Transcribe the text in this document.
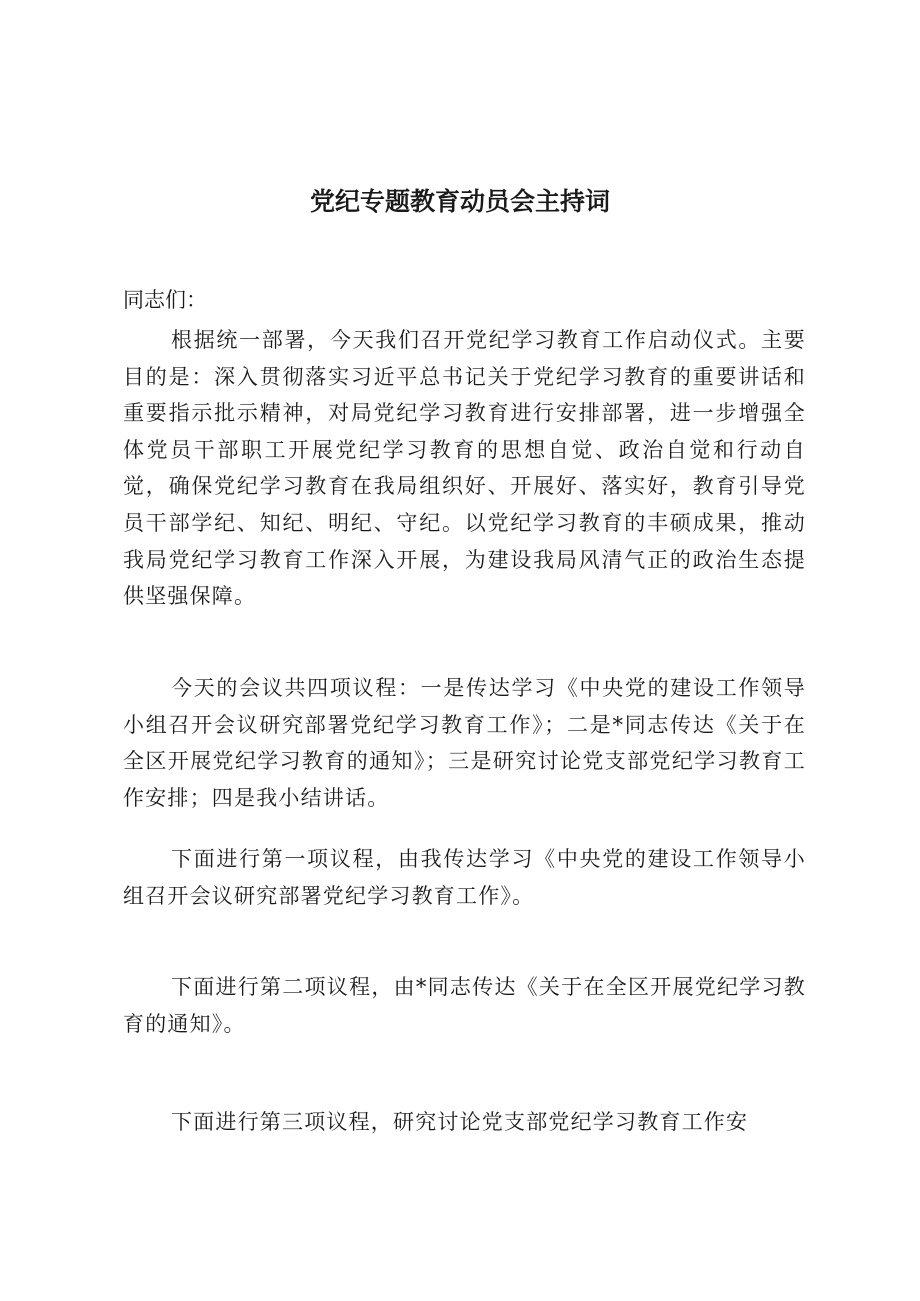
党纪专题教育动员会主持词

同志们：

根据统一部署，今天我们召开党纪学习教育工作启动仪式。主要目的是：深入贯彻落实习近平总书记关于党纪学习教育的重要讲话和重要指示批示精神，对局党纪学习教育进行安排部署，进一步增强全体党员干部职工开展党纪学习教育的思想自觉、政治自觉和行动自觉，确保党纪学习教育在我局组织好、开展好、落实好，教育引导党员干部学纪、知纪、明纪、守纪。以党纪学习教育的丰硕成果，推动我局党纪学习教育工作深入开展，为建设我局风清气正的政治生态提供坚强保障。

今天的会议共四项议程：一是传达学习《中央党的建设工作领导小组召开会议研究部署党纪学习教育工作》；二是*同志传达《关于在全区开展党纪学习教育的通知》；三是研究讨论党支部党纪学习教育工作安排；四是我小结讲话。

下面进行第一项议程，由我传达学习《中央党的建设工作领导小组召开会议研究部署党纪学习教育工作》。

下面进行第二项议程，由*同志传达《关于在全区开展党纪学习教育的通知》。

下面进行第三项议程，研究讨论党支部党纪学习教育工作安
